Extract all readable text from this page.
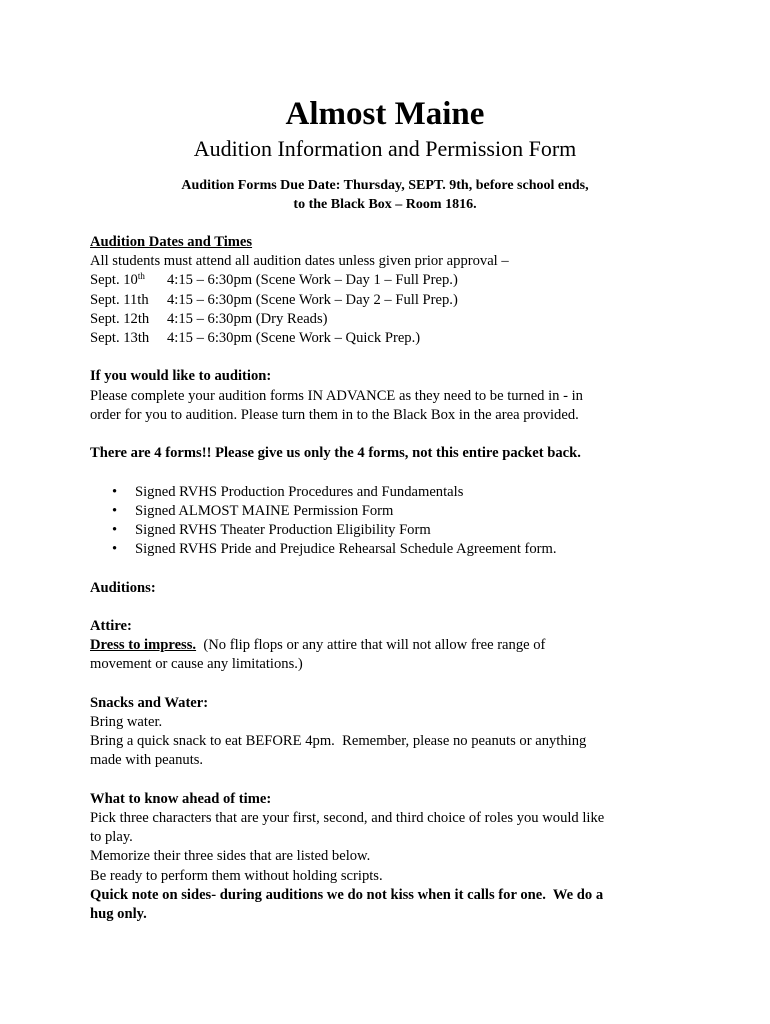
Almost Maine
Audition Information and Permission Form
Audition Forms Due Date: Thursday, SEPT. 9th, before school ends,
to the Black Box – Room 1816.
Audition Dates and Times
All students must attend all audition dates unless given prior approval –
Sept. 10th	4:15 – 6:30pm (Scene Work – Day 1 – Full Prep.)
Sept. 11th	4:15 – 6:30pm (Scene Work – Day 2 – Full Prep.)
Sept. 12th	4:15 – 6:30pm (Dry Reads)
Sept. 13th	4:15 – 6:30pm (Scene Work – Quick Prep.)
If you would like to audition:
Please complete your audition forms IN ADVANCE as they need to be turned in - in
order for you to audition. Please turn them in to the Black Box in the area provided.
There are 4 forms!! Please give us only the 4 forms, not this entire packet back.
• Signed RVHS Production Procedures and Fundamentals
• Signed ALMOST MAINE Permission Form
• Signed RVHS Theater Production Eligibility Form
• Signed RVHS Pride and Prejudice Rehearsal Schedule Agreement form.
Auditions:
Attire:
Dress to impress.  (No flip flops or any attire that will not allow free range of
movement or cause any limitations.)
Snacks and Water:
Bring water.
Bring a quick snack to eat BEFORE 4pm.  Remember, please no peanuts or anything
made with peanuts.
What to know ahead of time:
Pick three characters that are your first, second, and third choice of roles you would like
to play.
Memorize their three sides that are listed below.
Be ready to perform them without holding scripts.
Quick note on sides- during auditions we do not kiss when it calls for one.  We do a
hug only.
